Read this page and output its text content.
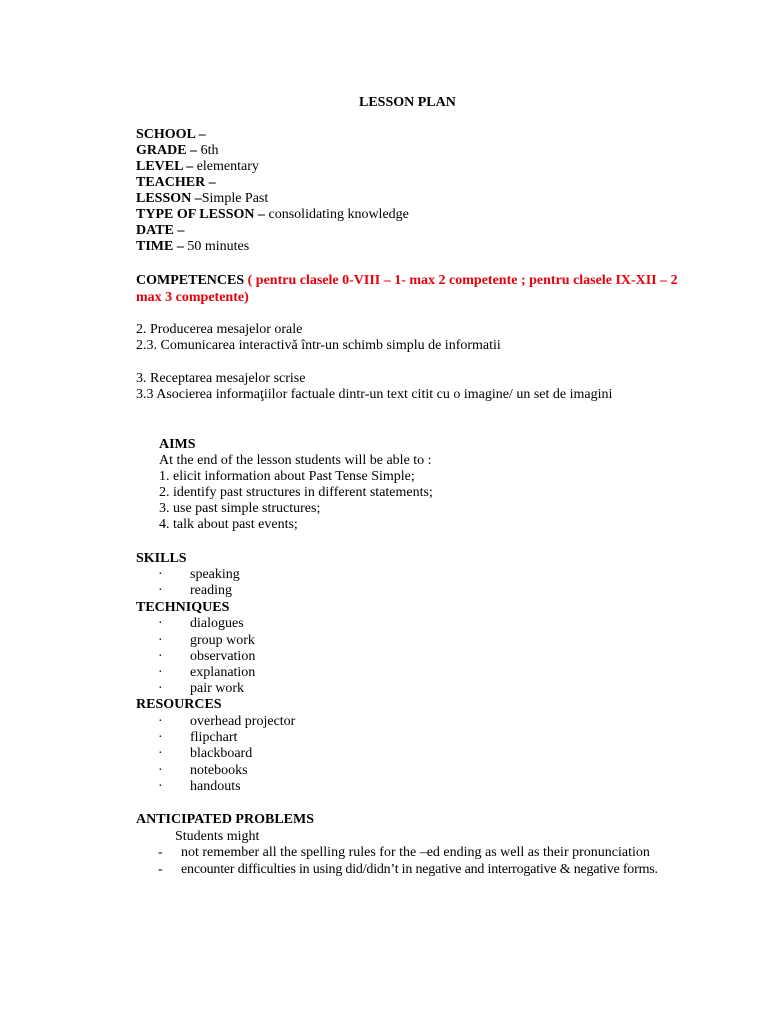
LESSON PLAN
SCHOOL –
GRADE – 6th
LEVEL – elementary
TEACHER –
LESSON –Simple Past
TYPE OF LESSON – consolidating knowledge
DATE –
TIME – 50 minutes
COMPETENCES ( pentru clasele 0-VIII – 1- max 2 competente ; pentru clasele IX-XII – 2
max 3 competente)
2. Producerea mesajelor orale
2.3. Comunicarea interactivă într-un schimb simplu de informatii
3. Receptarea mesajelor scrise
3.3 Asocierea informaţiilor factuale dintr-un text citit cu o imagine/ un set de imagini
AIMS
At the end of the lesson students will be able to :
1. elicit information about Past Tense Simple;
2. identify past structures in different statements;
3. use past simple structures;
4. talk about past events;
SKILLS
· speaking
· reading
TECHNIQUES
· dialogues
· group work
· observation
· explanation
· pair work
RESOURCES
· overhead projector
· flipchart
· blackboard
· notebooks
· handouts
ANTICIPATED PROBLEMS
Students might
- not remember all the spelling rules for the –ed ending as well as their pronunciation
- encounter difficulties in using did/didn’t in negative and interrogative & negative forms.
